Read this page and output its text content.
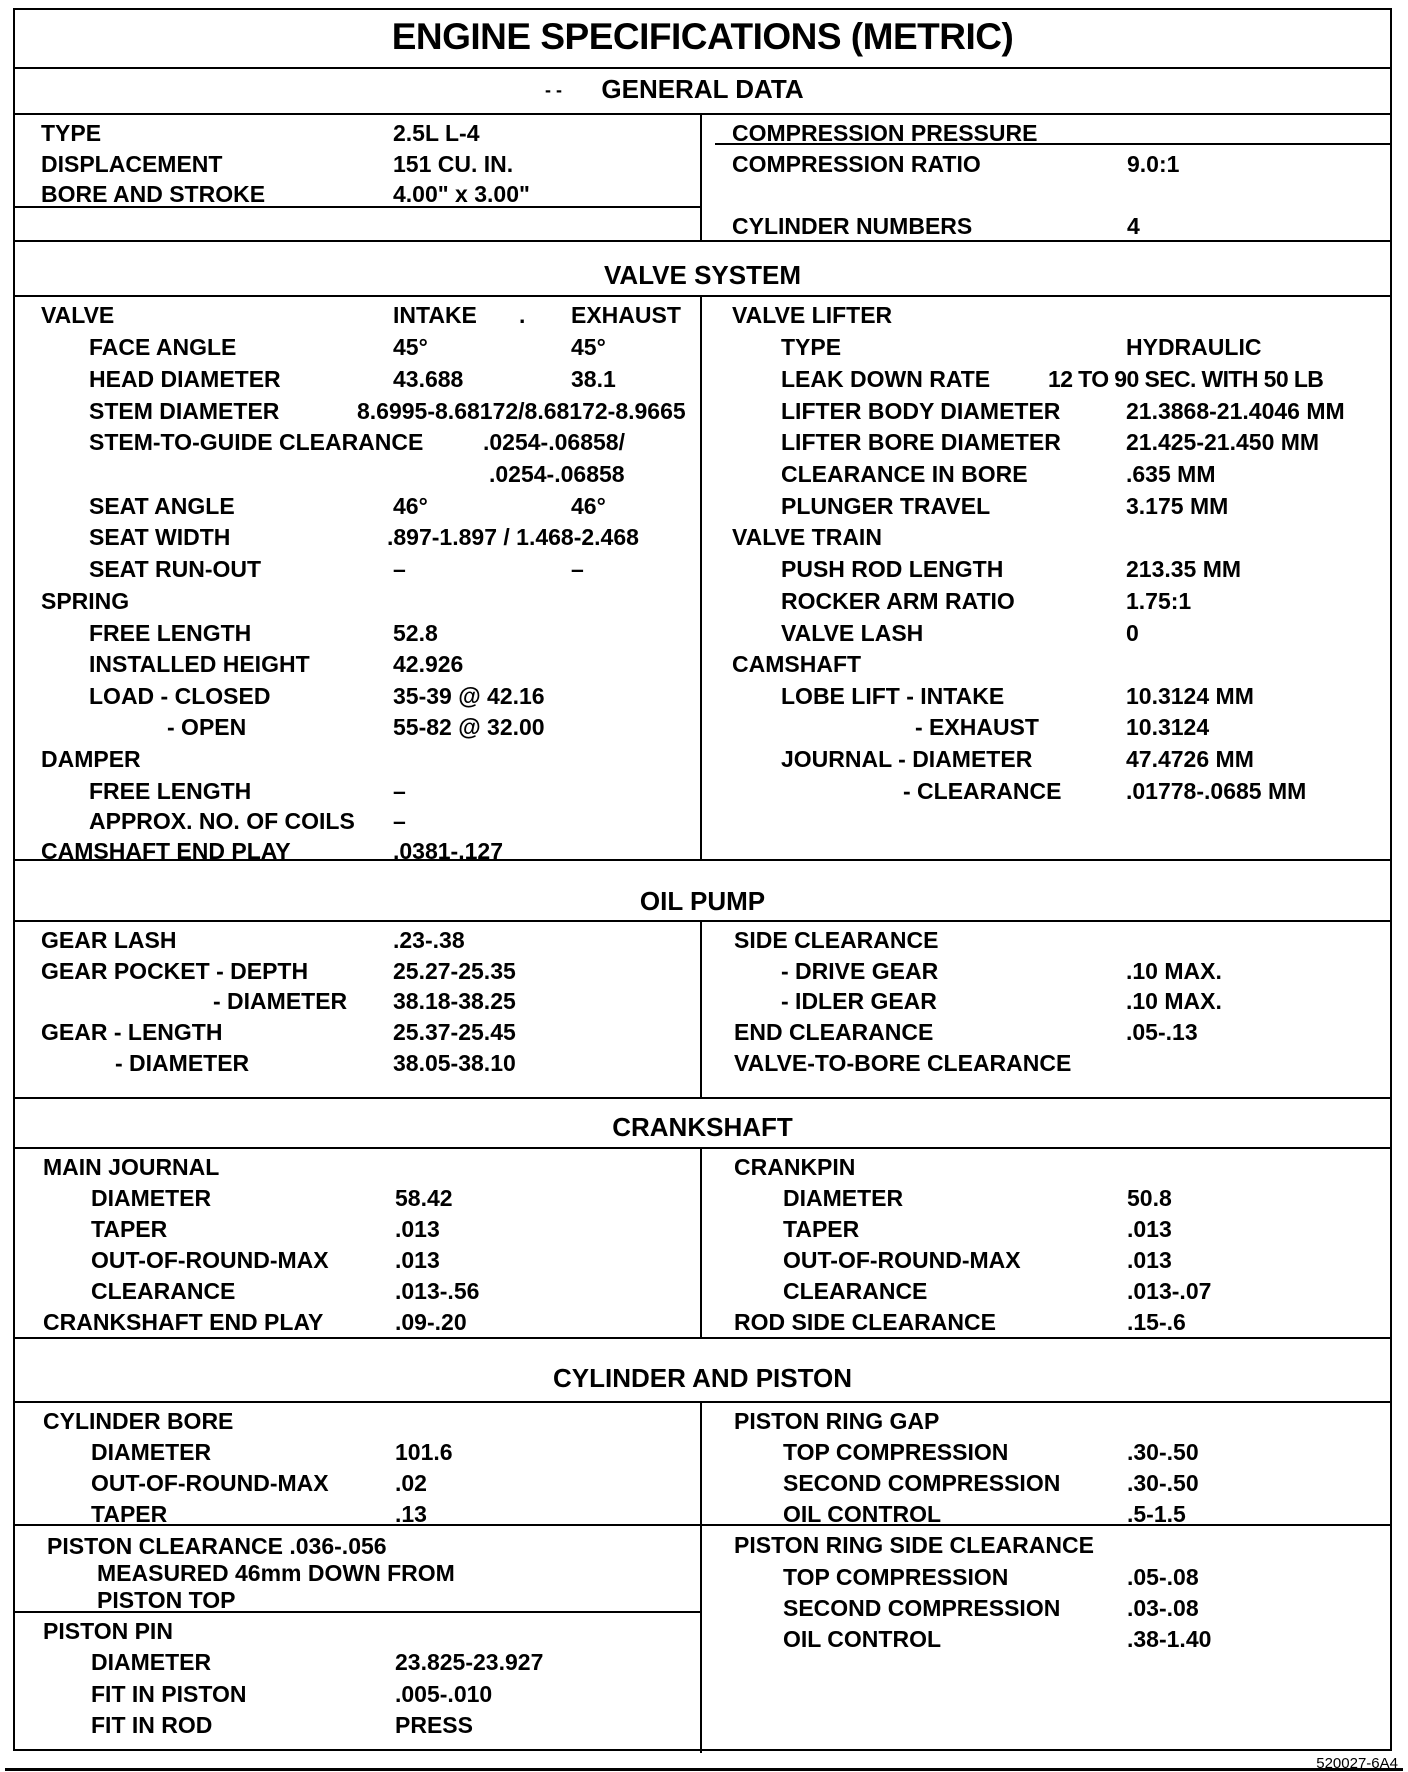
ENGINE SPECIFICATIONS (METRIC)
- -	GENERAL DATA
VALVE SYSTEM
OIL PUMP
CRANKSHAFT
CYLINDER AND PISTON
TYPE	2.5L L-4
DISPLACEMENT	151 CU. IN.
BORE AND STROKE	4.00" x 3.00"
COMPRESSION PRESSURE
COMPRESSION RATIO	9.0:1
CYLINDER NUMBERS	4
VALVE	INTAKE . EXHAUST
FACE ANGLE	45°	45°
HEAD DIAMETER	43.688	38.1
STEM DIAMETER	8.6995-8.68172/8.68172-8.9665
STEM-TO-GUIDE CLEARANCE	.0254-.06858/
.0254-.06858
SEAT ANGLE	46°	46°
SEAT WIDTH	.897-1.897 / 1.468-2.468
SEAT RUN-OUT	–	–
SPRING
FREE LENGTH	52.8
INSTALLED HEIGHT	42.926
LOAD - CLOSED	35-39 @ 42.16
- OPEN	55-82 @ 32.00
DAMPER
FREE LENGTH	–
APPROX. NO. OF COILS –
CAMSHAFT END PLAY	.0381-.127
VALVE LIFTER
TYPE	HYDRAULIC
LEAK DOWN RATE	12 TO 90 SEC. WITH 50 LB
LIFTER BODY DIAMETER	21.3868-21.4046 MM
LIFTER BORE DIAMETER	21.425-21.450 MM
CLEARANCE IN BORE	.635 MM
PLUNGER TRAVEL	3.175 MM
VALVE TRAIN
PUSH ROD LENGTH	213.35 MM
ROCKER ARM RATIO	1.75:1
VALVE LASH	0
CAMSHAFT
LOBE LIFT - INTAKE	10.3124 MM
- EXHAUST	10.3124
JOURNAL - DIAMETER	47.4726 MM
- CLEARANCE	.01778-.0685 MM
GEAR LASH	.23-.38
GEAR POCKET - DEPTH	25.27-25.35
- DIAMETER 38.18-38.25
GEAR - LENGTH	25.37-25.45
- DIAMETER	38.05-38.10
SIDE CLEARANCE
- DRIVE GEAR	.10 MAX.
- IDLER GEAR	.10 MAX.
END CLEARANCE	.05-.13
VALVE-TO-BORE CLEARANCE
MAIN JOURNAL
DIAMETER	58.42
TAPER	.013
OUT-OF-ROUND-MAX	.013
CLEARANCE	.013-.56
CRANKSHAFT END PLAY	.09-.20
CRANKPIN
DIAMETER	50.8
TAPER	.013
OUT-OF-ROUND-MAX	.013
CLEARANCE	.013-.07
ROD SIDE CLEARANCE	.15-.6
CYLINDER BORE
DIAMETER	101.6
OUT-OF-ROUND-MAX	.02
TAPER	.13
PISTON CLEARANCE .036-.056
MEASURED 46mm DOWN FROM
PISTON TOP
PISTON PIN
DIAMETER	23.825-23.927
FIT IN PISTON	.005-.010
FIT IN ROD	PRESS
PISTON RING GAP
TOP COMPRESSION	.30-.50
SECOND COMPRESSION	.30-.50
OIL CONTROL	.5-1.5
PISTON RING SIDE CLEARANCE
TOP COMPRESSION	.05-.08
SECOND COMPRESSION	.03-.08
OIL CONTROL	.38-1.40
520027-6A4
